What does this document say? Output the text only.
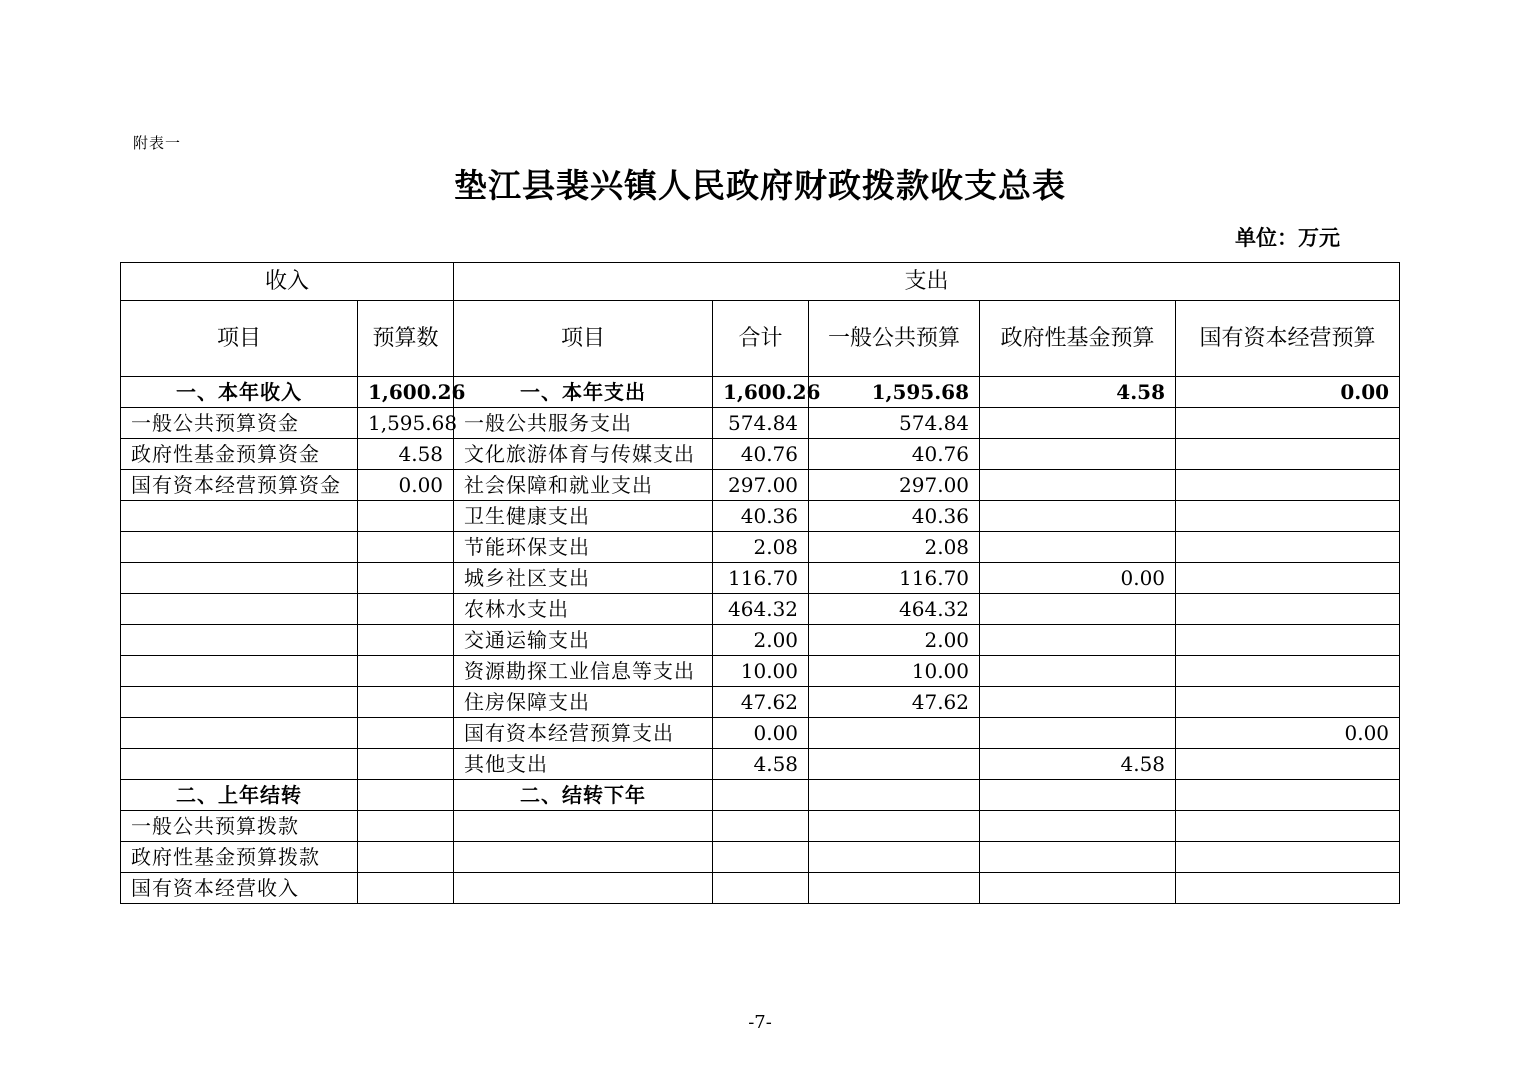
附表一
垫江县裴兴镇人民政府财政拨款收支总表
单位：万元
收入		支出				
项目	预算数	项目	合计	一般公共预算	政府性基金预算	国有资本经营预算
一、本年收入	1,600.26	一、本年支出	1,600.26	1,595.68	4.58	0.00
一般公共预算资金	1,595.68	一般公共服务支出	574.84	574.84		
政府性基金预算资金	4.58	文化旅游体育与传媒支出	40.76	40.76		
国有资本经营预算资金	0.00	社会保障和就业支出	297.00	297.00		
		卫生健康支出	40.36	40.36		
		节能环保支出	2.08	2.08		
		城乡社区支出	116.70	116.70	0.00	
		农林水支出	464.32	464.32		
		交通运输支出	2.00	2.00		
		资源勘探工业信息等支出	10.00	10.00		
		住房保障支出	47.62	47.62		
		国有资本经营预算支出	0.00			0.00
		其他支出	4.58		4.58	
二、上年结转		二、结转下年				
一般公共预算拨款						
政府性基金预算拨款						
国有资本经营收入						
-7-
